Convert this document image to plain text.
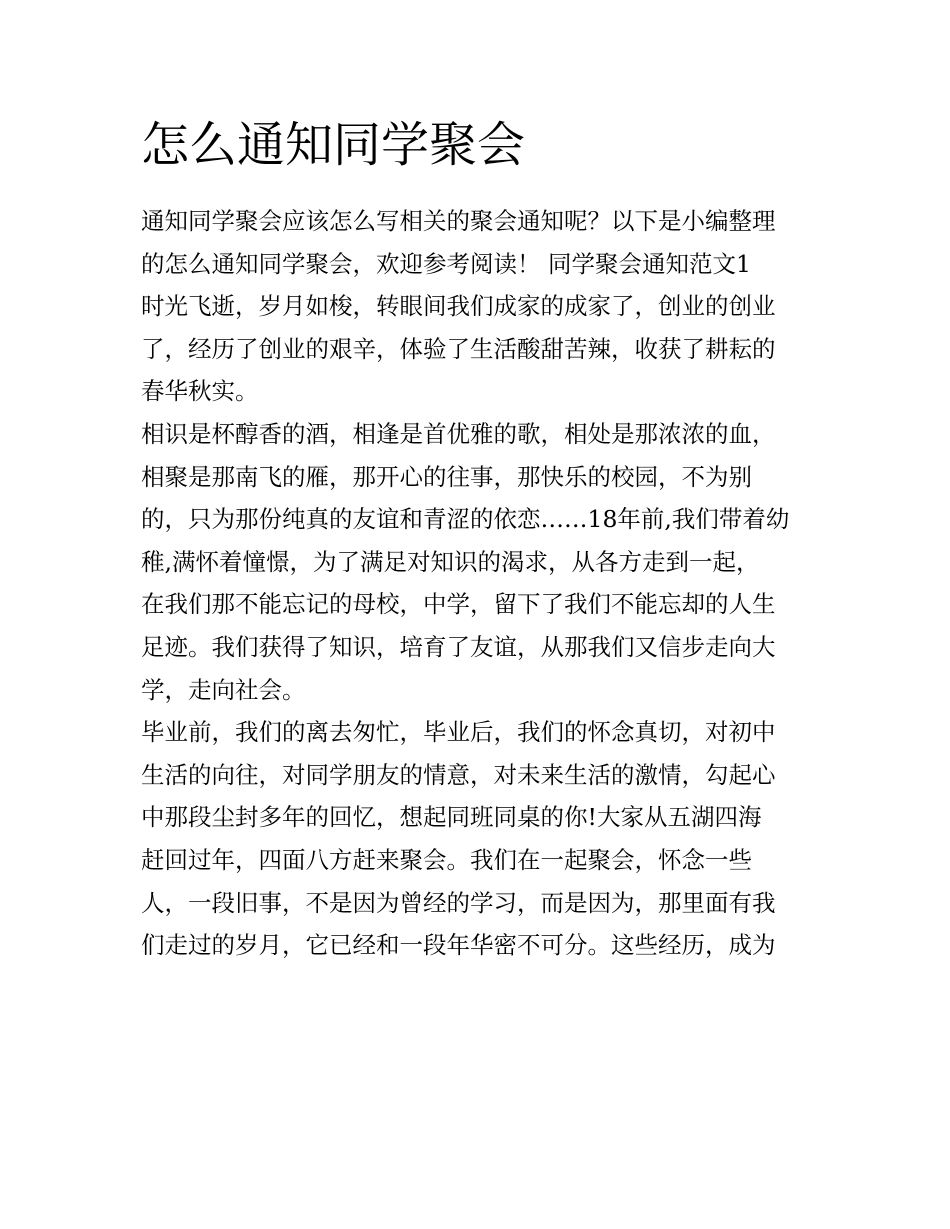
怎么通知同学聚会
通知同学聚会应该怎么写相关的聚会通知呢？以下是小编整理
的怎么通知同学聚会，欢迎参考阅读！ 同学聚会通知范文1
时光飞逝，岁月如梭，转眼间我们成家的成家了，创业的创业
了，经历了创业的艰辛，体验了生活酸甜苦辣，收获了耕耘的
春华秋实。
相识是杯醇香的酒，相逢是首优雅的歌，相处是那浓浓的血，
相聚是那南飞的雁，那开心的往事，那快乐的校园，不为别
的，只为那份纯真的友谊和青涩的依恋……18年前,我们带着幼
稚,满怀着憧憬，为了满足对知识的渴求，从各方走到一起，
在我们那不能忘记的母校，中学，留下了我们不能忘却的人生
足迹。我们获得了知识，培育了友谊，从那我们又信步走向大
学，走向社会。
毕业前，我们的离去匆忙，毕业后，我们的怀念真切，对初中
生活的向往，对同学朋友的情意，对未来生活的激情，勾起心
中那段尘封多年的回忆，想起同班同桌的你!大家从五湖四海
赶回过年，四面八方赶来聚会。我们在一起聚会，怀念一些
人，一段旧事，不是因为曾经的学习，而是因为，那里面有我
们走过的岁月，它已经和一段年华密不可分。这些经历，成为
